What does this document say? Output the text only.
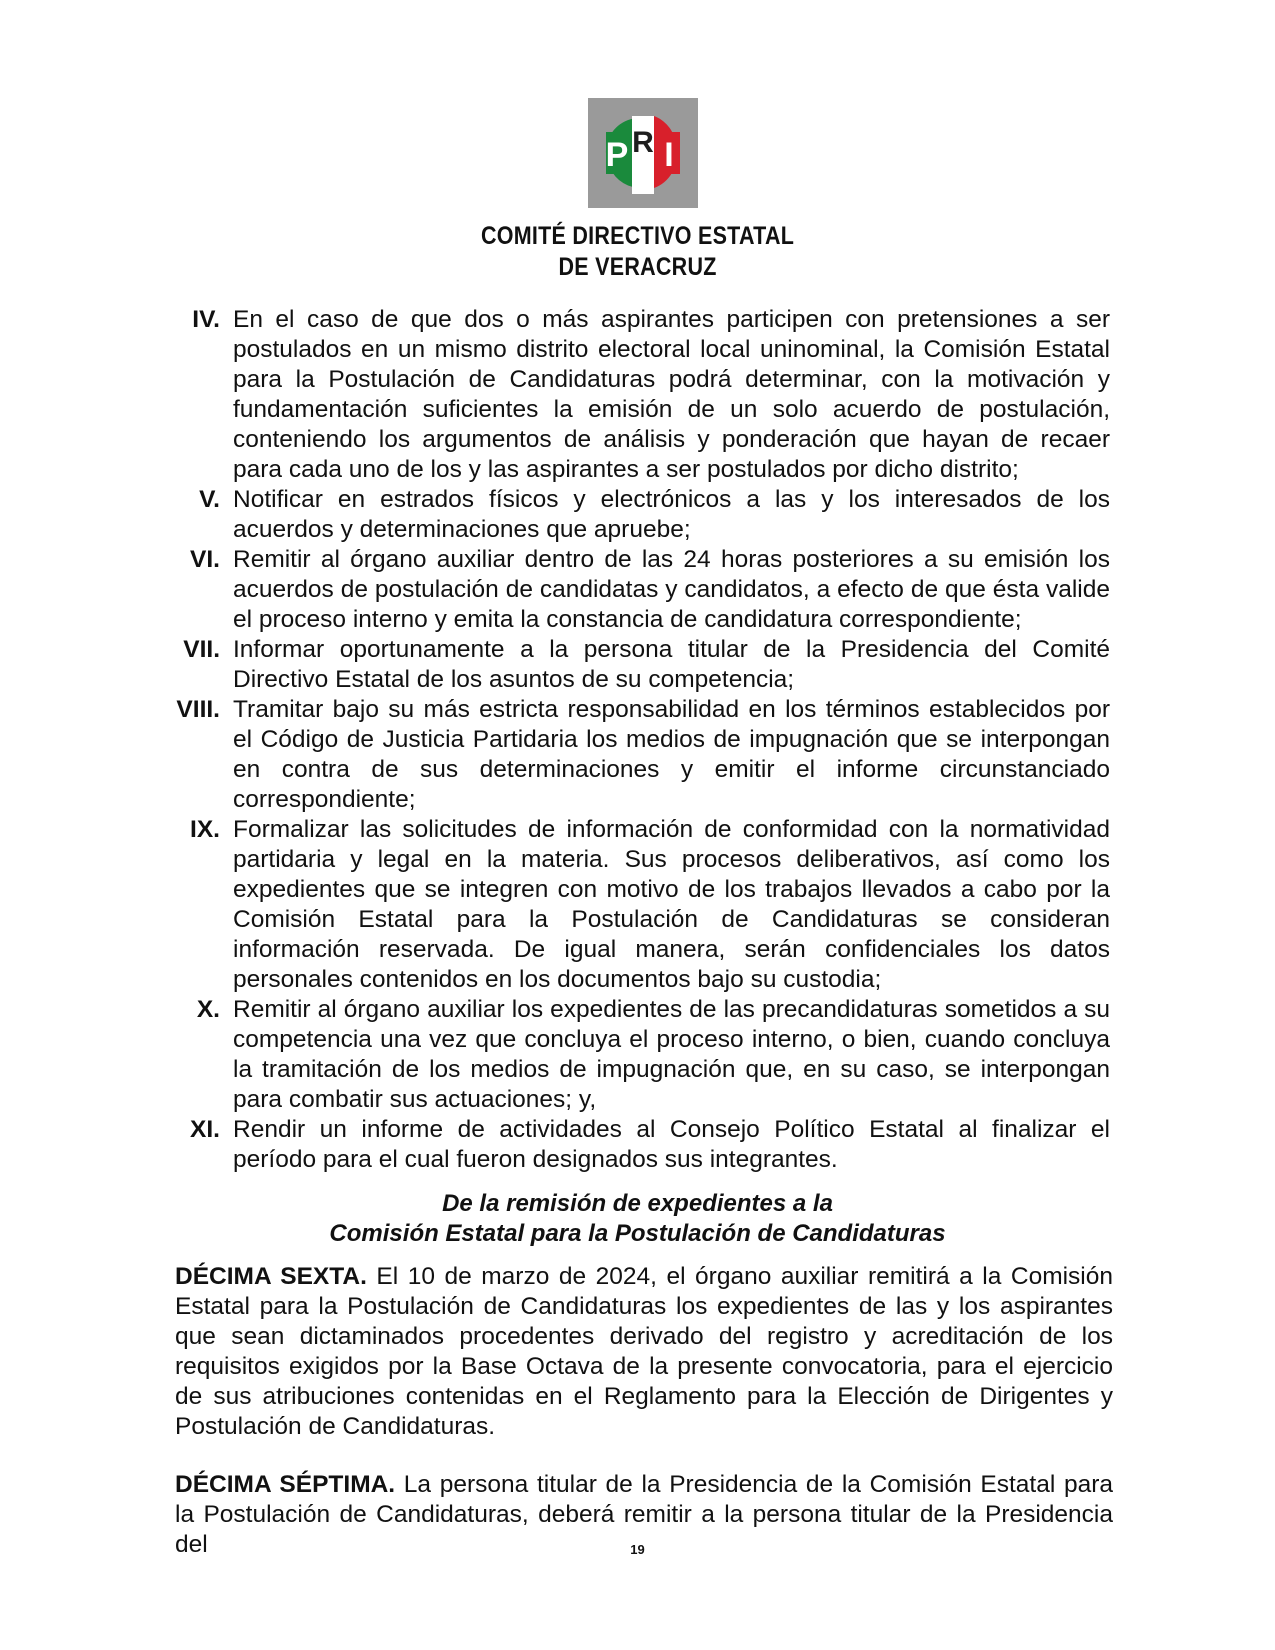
P R I
COMITÉ DIRECTIVO ESTATAL
DE VERACRUZ
IV. En el caso de que dos o más aspirantes participen con pretensiones a ser postulados en un mismo distrito electoral local uninominal, la Comisión Estatal para la Postulación de Candidaturas podrá determinar, con la motivación y fundamentación suficientes la emisión de un solo acuerdo de postulación, conteniendo los argumentos de análisis y ponderación que hayan de recaer para cada uno de los y las aspirantes a ser postulados por dicho distrito;
V. Notificar en estrados físicos y electrónicos a las y los interesados de los acuerdos y determinaciones que apruebe;
VI. Remitir al órgano auxiliar dentro de las 24 horas posteriores a su emisión los acuerdos de postulación de candidatas y candidatos, a efecto de que ésta valide el proceso interno y emita la constancia de candidatura correspondiente;
VII. Informar oportunamente a la persona titular de la Presidencia del Comité Directivo Estatal de los asuntos de su competencia;
VIII. Tramitar bajo su más estricta responsabilidad en los términos establecidos por el Código de Justicia Partidaria los medios de impugnación que se interpongan en contra de sus determinaciones y emitir el informe circunstanciado correspondiente;
IX. Formalizar las solicitudes de información de conformidad con la normatividad partidaria y legal en la materia. Sus procesos deliberativos, así como los expedientes que se integren con motivo de los trabajos llevados a cabo por la Comisión Estatal para la Postulación de Candidaturas se consideran información reservada. De igual manera, serán confidenciales los datos personales contenidos en los documentos bajo su custodia;
X. Remitir al órgano auxiliar los expedientes de las precandidaturas sometidos a su competencia una vez que concluya el proceso interno, o bien, cuando concluya la tramitación de los medios de impugnación que, en su caso, se interpongan para combatir sus actuaciones; y,
XI. Rendir un informe de actividades al Consejo Político Estatal al finalizar el período para el cual fueron designados sus integrantes.
De la remisión de expedientes a la
Comisión Estatal para la Postulación de Candidaturas
DÉCIMA SEXTA. El 10 de marzo de 2024, el órgano auxiliar remitirá a la Comisión Estatal para la Postulación de Candidaturas los expedientes de las y los aspirantes que sean dictaminados procedentes derivado del registro y acreditación de los requisitos exigidos por la Base Octava de la presente convocatoria, para el ejercicio de sus atribuciones contenidas en el Reglamento para la Elección de Dirigentes y Postulación de Candidaturas.
DÉCIMA SÉPTIMA. La persona titular de la Presidencia de la Comisión Estatal para la Postulación de Candidaturas, deberá remitir a la persona titular de la Presidencia del	19
